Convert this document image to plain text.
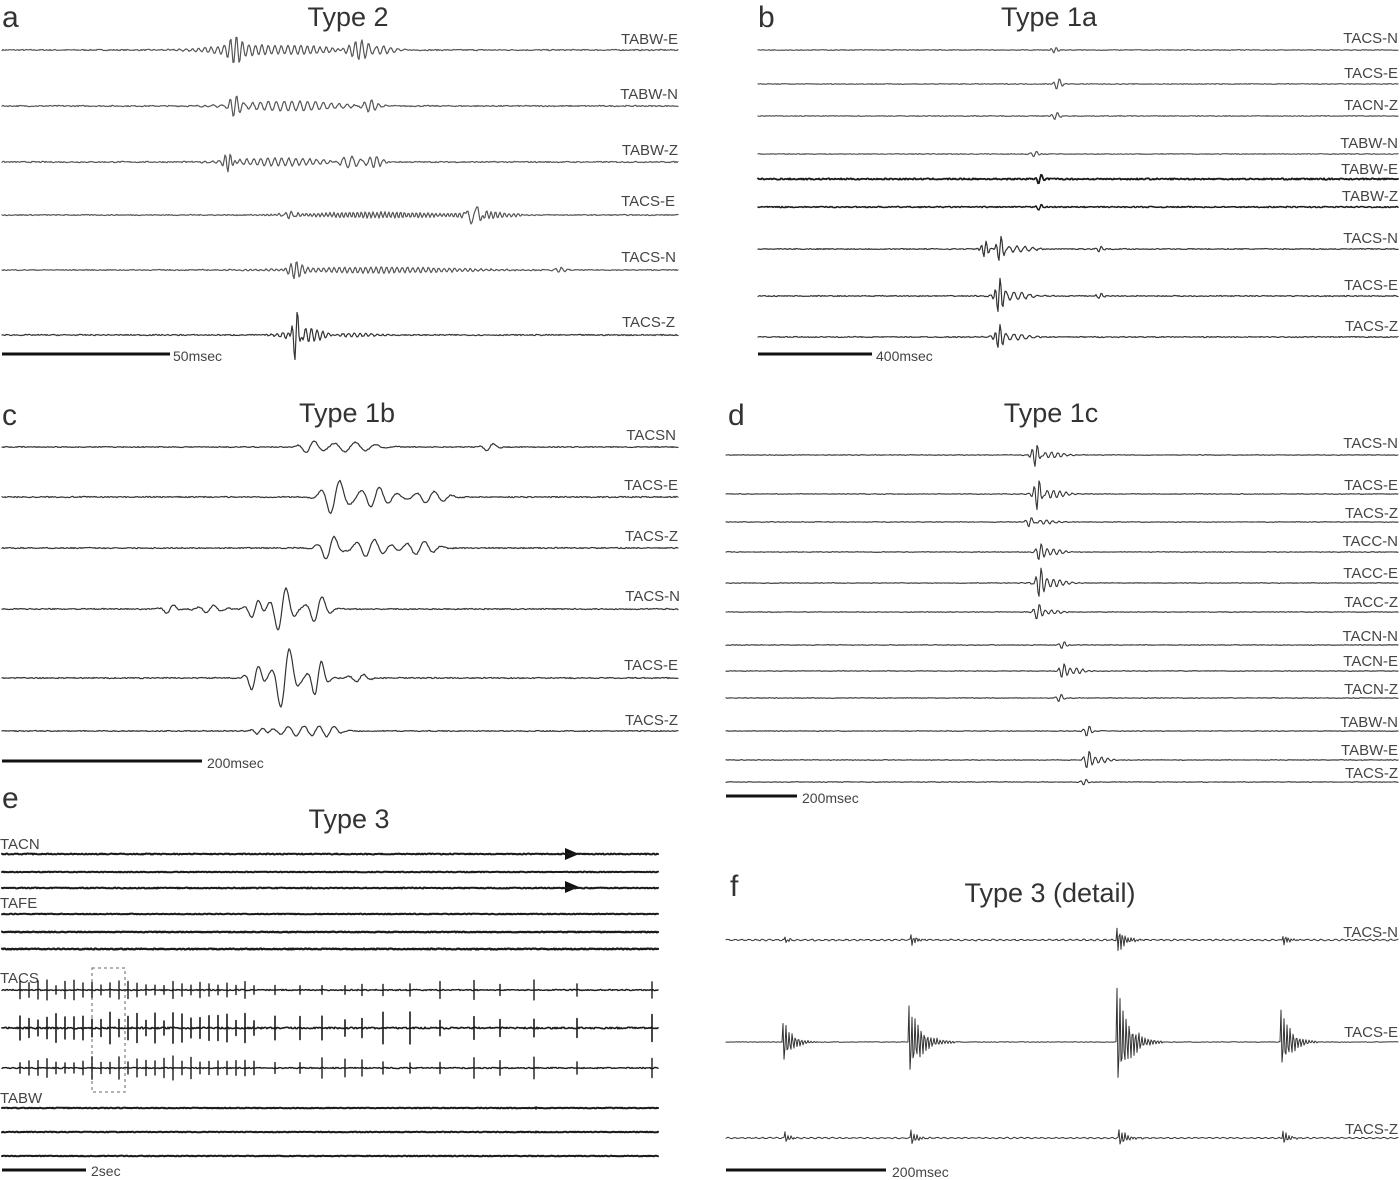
a	b
c	d
e
f
Type 2	Type 1a
Type 1b	Type 1c
Type 3
Type 3 (detail)
TABW-E
TABW-N
TABW-Z
TACS-E
TACS-N
TACS-Z
TACS-N
TACS-E
TACN-Z
TABW-N
TABW-E
TABW-Z
TACS-N
TACS-E
TACS-Z
TACSN
TACS-E
TACS-Z
TACS-N
TACS-E
TACS-Z
TACS-N
TACS-E
TACS-Z
TACC-N
TACC-E
TACC-Z
TACN-N
TACN-E
TACN-Z
TABW-N
TABW-E
TACS-Z
TACN
TAFE
TACS
TABW
TACS-N
TACS-E
TACS-Z
50msec	400msec
200msec
200msec
2sec	200msec
